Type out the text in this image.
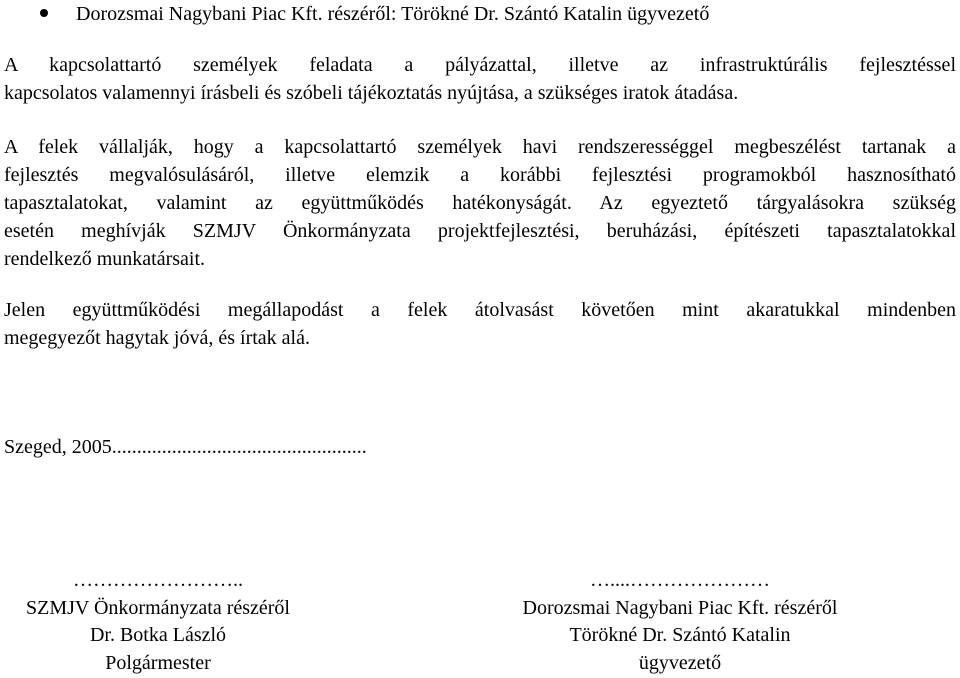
Dorozsmai Nagybani Piac Kft. részéről: Törökné Dr. Szántó Katalin ügyvezető
A kapcsolattartó személyek feladata a pályázattal, illetve az infrastruktúrális fejlesztéssel
kapcsolatos valamennyi írásbeli és szóbeli tájékoztatás nyújtása, a szükséges iratok átadása.
A felek vállalják, hogy a kapcsolattartó személyek havi rendszerességgel megbeszélést tartanak a
fejlesztés megvalósulásáról, illetve elemzik a korábbi fejlesztési programokból hasznosítható
tapasztalatokat, valamint az együttműködés hatékonyságát. Az egyeztető tárgyalásokra szükség
esetén meghívják SZMJV Önkormányzata projektfejlesztési, beruházási, építészeti tapasztalatokkal
rendelkező munkatársait.
Jelen együttműködési megállapodást a felek átolvasást követően mint akaratukkal mindenben
megegyezőt hagytak jóvá, és írtak alá.
Szeged, 2005...................................................
……………………..
SZMJV Önkormányzata részéről
Dr. Botka László
Polgármester
…....…………………
Dorozsmai Nagybani Piac Kft. részéről
Törökné Dr. Szántó Katalin
ügyvezető
